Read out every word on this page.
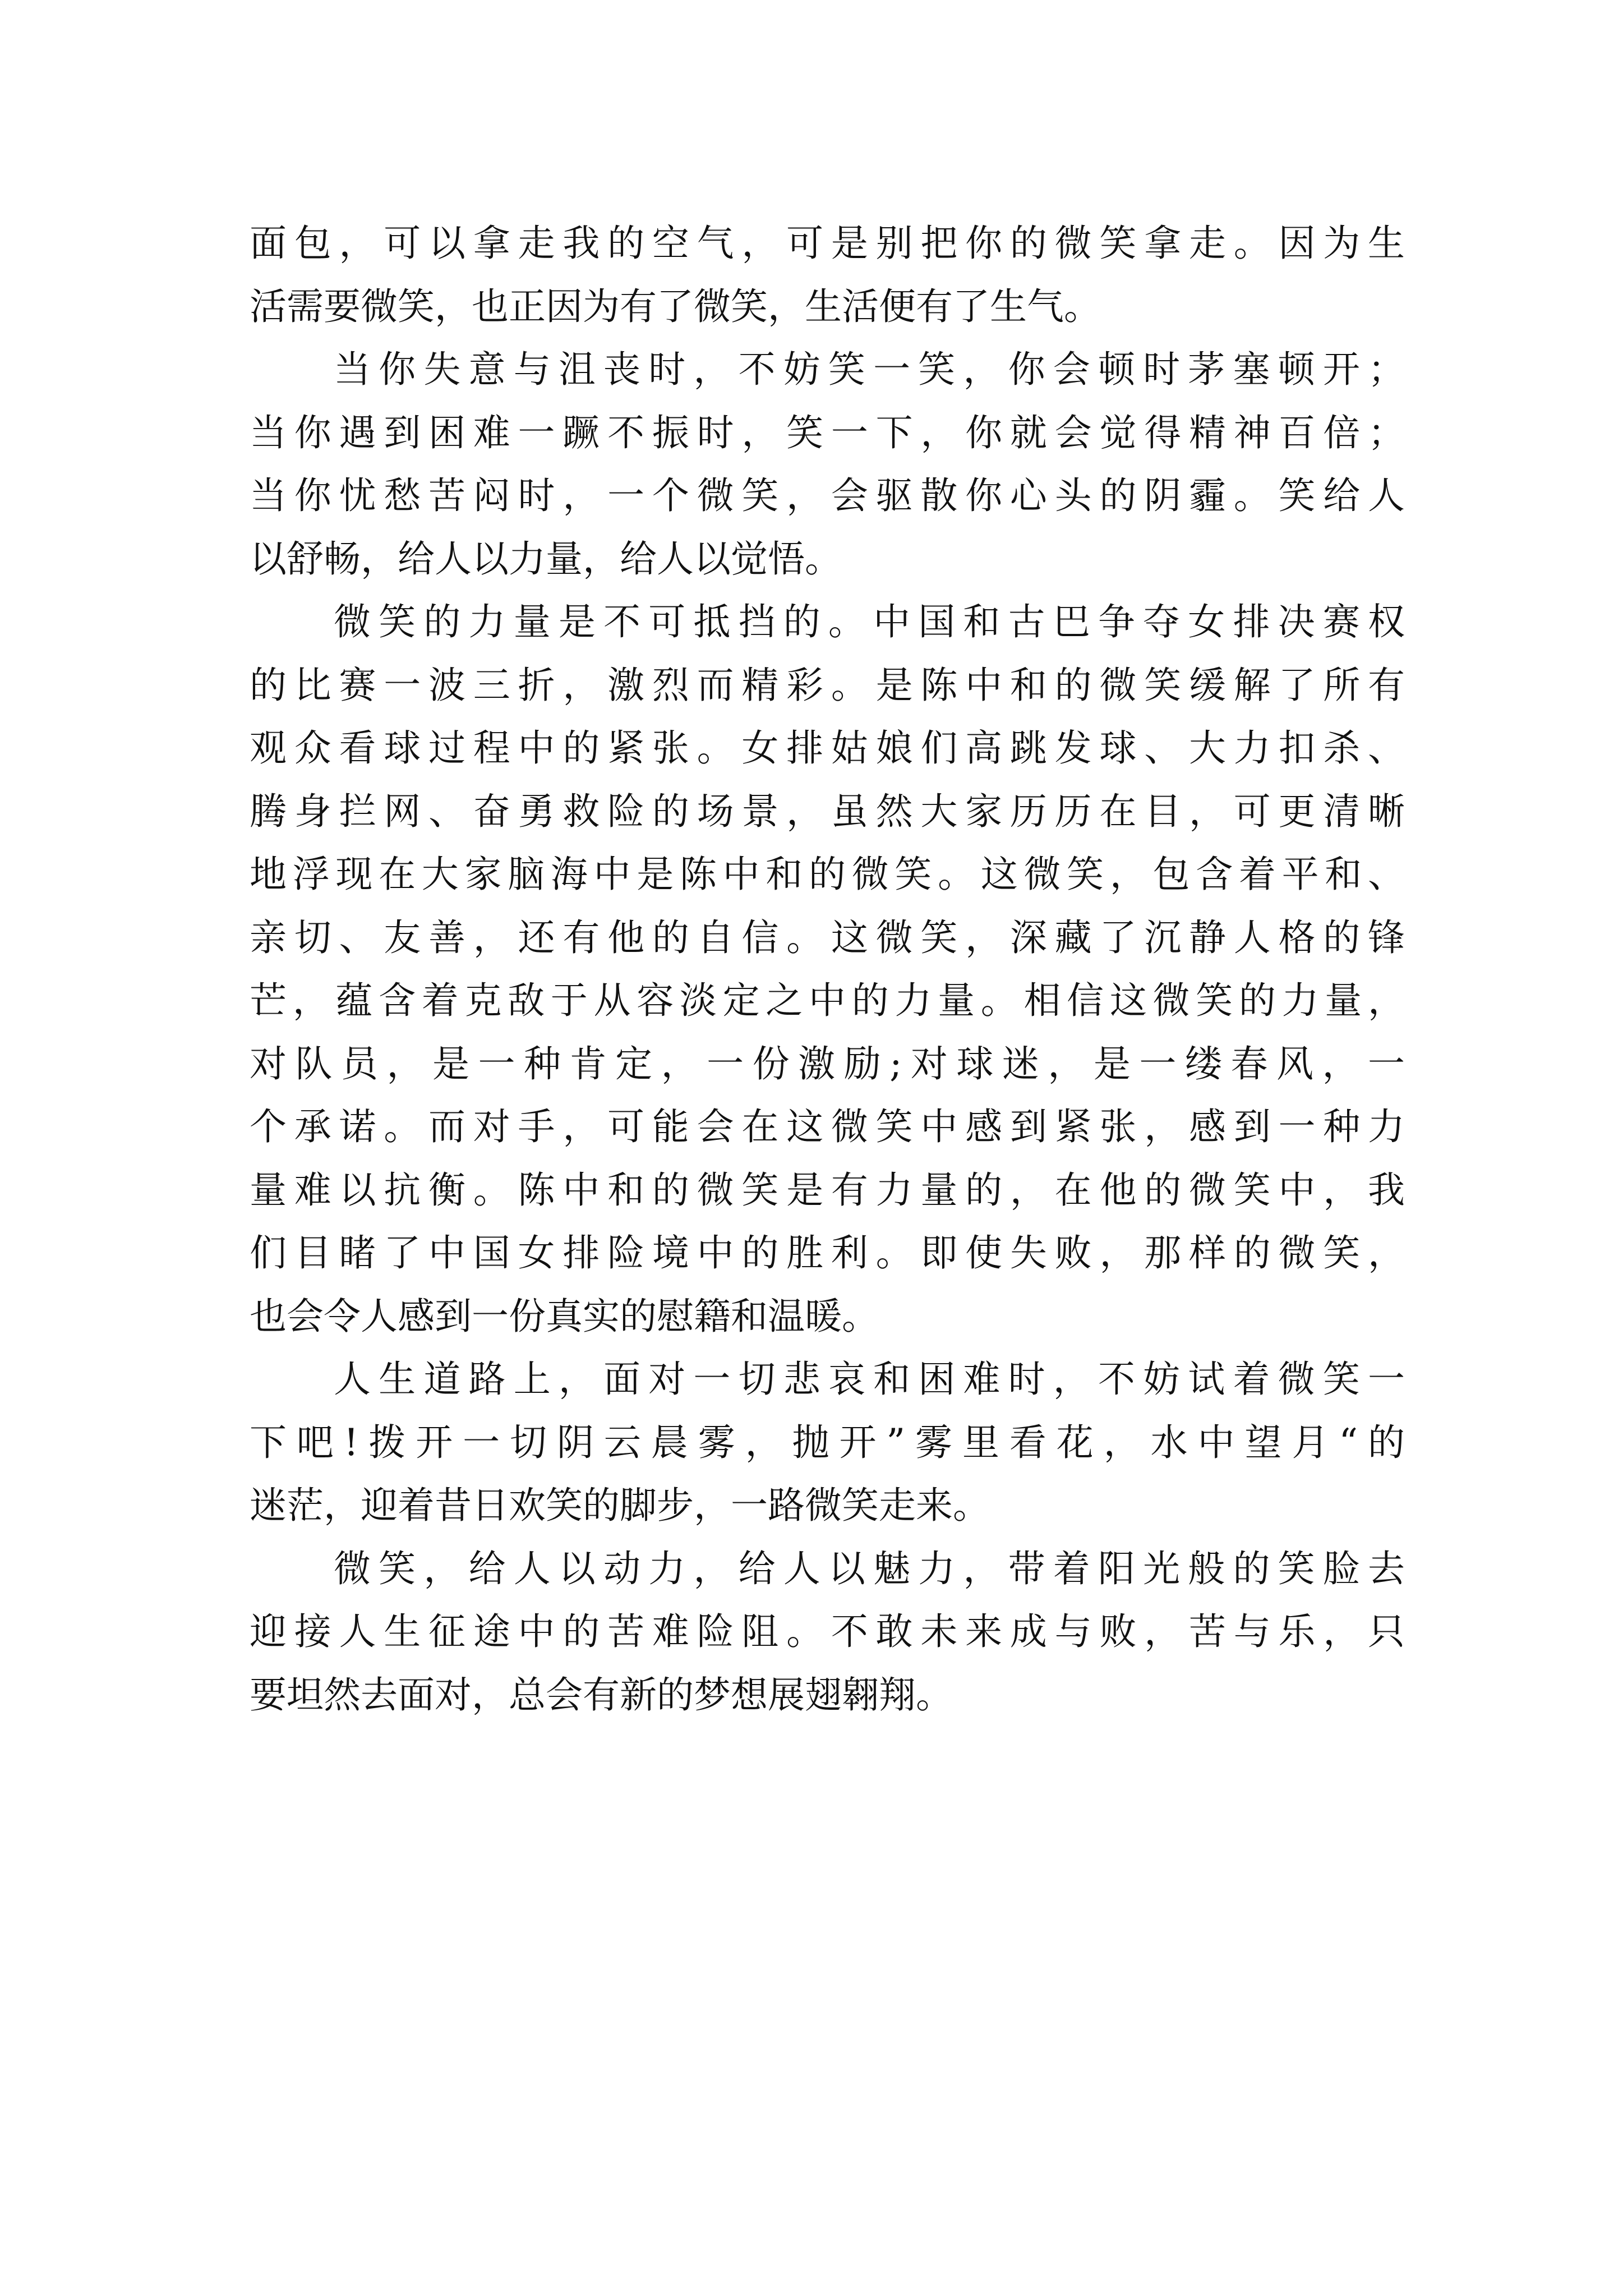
面包，可以拿走我的空气，可是别把你的微笑拿走。因为生
活需要微笑，也正因为有了微笑，生活便有了生气。
当你失意与沮丧时，不妨笑一笑，你会顿时茅塞顿开；
当你遇到困难一蹶不振时，笑一下，你就会觉得精神百倍；
当你忧愁苦闷时，一个微笑，会驱散你心头的阴霾。笑给人
以舒畅，给人以力量，给人以觉悟。
微笑的力量是不可抵挡的。中国和古巴争夺女排决赛权
的比赛一波三折，激烈而精彩。是陈中和的微笑缓解了所有
观众看球过程中的紧张。女排姑娘们高跳发球、大力扣杀、
腾身拦网、奋勇救险的场景，虽然大家历历在目，可更清晰
地浮现在大家脑海中是陈中和的微笑。这微笑，包含着平和、
亲切、友善，还有他的自信。这微笑，深藏了沉静人格的锋
芒，蕴含着克敌于从容淡定之中的力量。相信这微笑的力量，
对队员，是一种肯定，一份激励;对球迷，是一缕春风，一
个承诺。而对手，可能会在这微笑中感到紧张，感到一种力
量难以抗衡。陈中和的微笑是有力量的，在他的微笑中，我
们目睹了中国女排险境中的胜利。即使失败，那样的微笑，
也会令人感到一份真实的慰籍和温暖。
人生道路上，面对一切悲哀和困难时，不妨试着微笑一
下吧!拨开一切阴云晨雾，抛开”雾里看花，水中望月“的
迷茫，迎着昔日欢笑的脚步，一路微笑走来。
微笑，给人以动力，给人以魅力，带着阳光般的笑脸去
迎接人生征途中的苦难险阻。不敢未来成与败，苦与乐，只
要坦然去面对，总会有新的梦想展翅翱翔。
